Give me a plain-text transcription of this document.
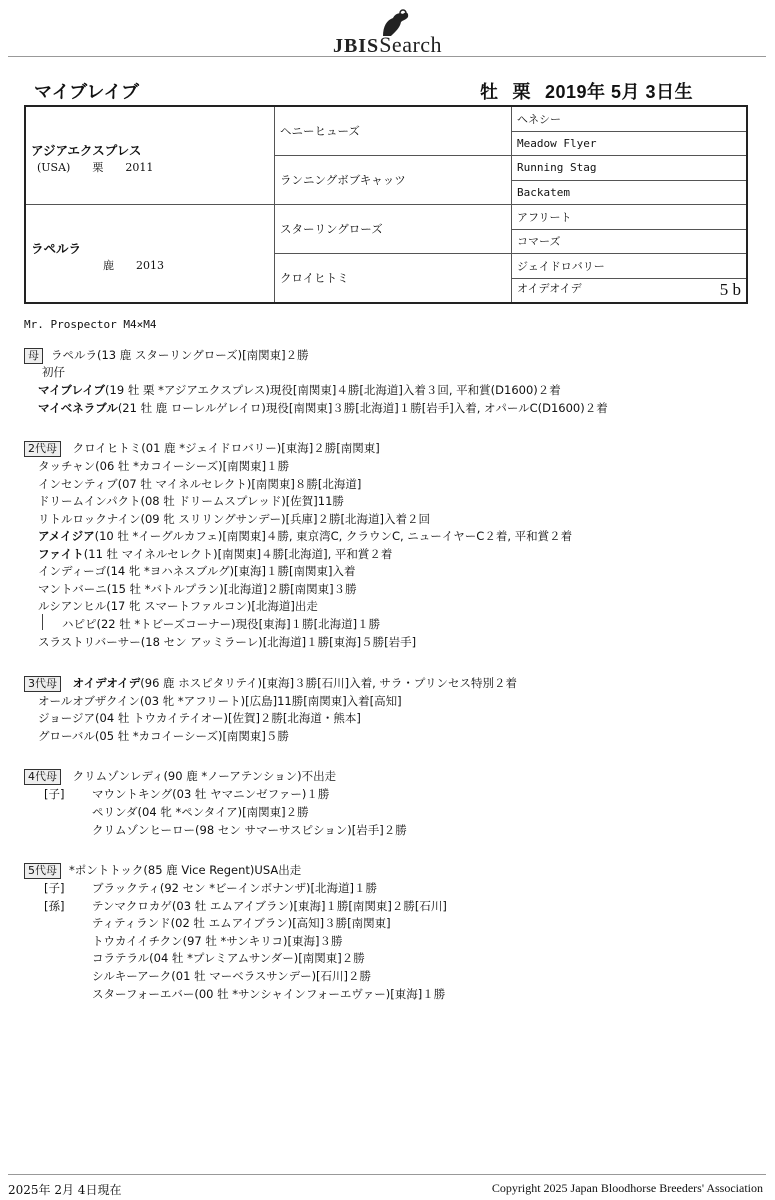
JBISSearch
マイブレイブ	牡 栗 2019年 5月 3日生
アジアエクスプレス
(USA) 栗 2011	ヘニーヒューズ	ヘネシー
		Meadow Flyer
	ランニングボブキャッツ	Running Stag
		Backatem

ラペルラ
鹿 2013	スターリングローズ	アフリート
		コマーズ
	クロイヒトミ	ジェイドロバリー
		オイデオイデ 5 b
Mr. Prospector M4×M4
母 ラペルラ(13 鹿 スターリングローズ)[南関東]２勝
初仔
マイブレイブ(19 牡 栗 *アジアエクスプレス)現役[南関東]４勝[北海道]入着３回, 平和賞(D1600)２着
マイベネラブル(21 牡 鹿 ローレルゲレイロ)現役[南関東]３勝[北海道]１勝[岩手]入着, オパールC(D1600)２着
2代母 クロイヒトミ(01 鹿 *ジェイドロバリー)[東海]２勝[南関東]
タッチャン(06 牡 *カコイーシーズ)[南関東]１勝
インセンティブ(07 牡 マイネルセレクト)[南関東]８勝[北海道]
ドリームインパクト(08 牡 ドリームスプレッド)[佐賀]11勝
リトルロックナイン(09 牝 スリリングサンデー)[兵庫]２勝[北海道]入着２回
アメイジア(10 牡 *イーグルカフェ)[南関東]４勝, 東京湾C, クラウンC, ニューイヤーC２着, 平和賞２着
ファイト(11 牡 マイネルセレクト)[南関東]４勝[北海道], 平和賞２着
インディーゴ(14 牝 *ヨハネスブルグ)[東海]１勝[南関東]入着
マントバーニ(15 牡 *バトルプラン)[北海道]２勝[南関東]３勝
ルシアンヒル(17 牝 スマートファルコン)[北海道]出走
ハピピ(22 牡 *トビーズコーナー)現役[東海]１勝[北海道]１勝
スラストリバーサー(18 セン アッミラーレ)[北海道]１勝[東海]５勝[岩手]
3代母 オイデオイデ(96 鹿 ホスピタリテイ)[東海]３勝[石川]入着, サラ・プリンセス特別２着
オールオブザクイン(03 牝 *アフリート)[広島]11勝[南関東]入着[高知]
ジョージア(04 牡 トウカイテイオー)[佐賀]２勝[北海道・熊本]
グローバル(05 牡 *カコイーシーズ)[南関東]５勝
4代母 クリムゾンレディ(90 鹿 *ノーアテンション)不出走
[子] マウントキング(03 牡 ヤマニンゼファー)１勝
ペリンダ(04 牝 *ペンタイア)[南関東]２勝
クリムゾンヒーロー(98 セン サマーサスピション)[岩手]２勝
5代母 *ポントトック(85 鹿 Vice Regent)USA出走
[子] ブラックティ(92 セン *ビーインボナンザ)[北海道]１勝
[孫] テンマクロカゲ(03 牡 エムアイブラン)[東海]１勝[南関東]２勝[石川]
ティティランド(02 牡 エムアイブラン)[高知]３勝[南関東]
トウカイイチクン(97 牡 *サンキリコ)[東海]３勝
コラテラル(04 牡 *プレミアムサンダー)[南関東]２勝
シルキーアーク(01 牡 マーベラスサンデー)[石川]２勝
スターフォーエバー(00 牡 *サンシャインフォーエヴァー)[東海]１勝
2025年 2月 4日現在	Copyright 2025 Japan Bloodhorse Breeders' Association
